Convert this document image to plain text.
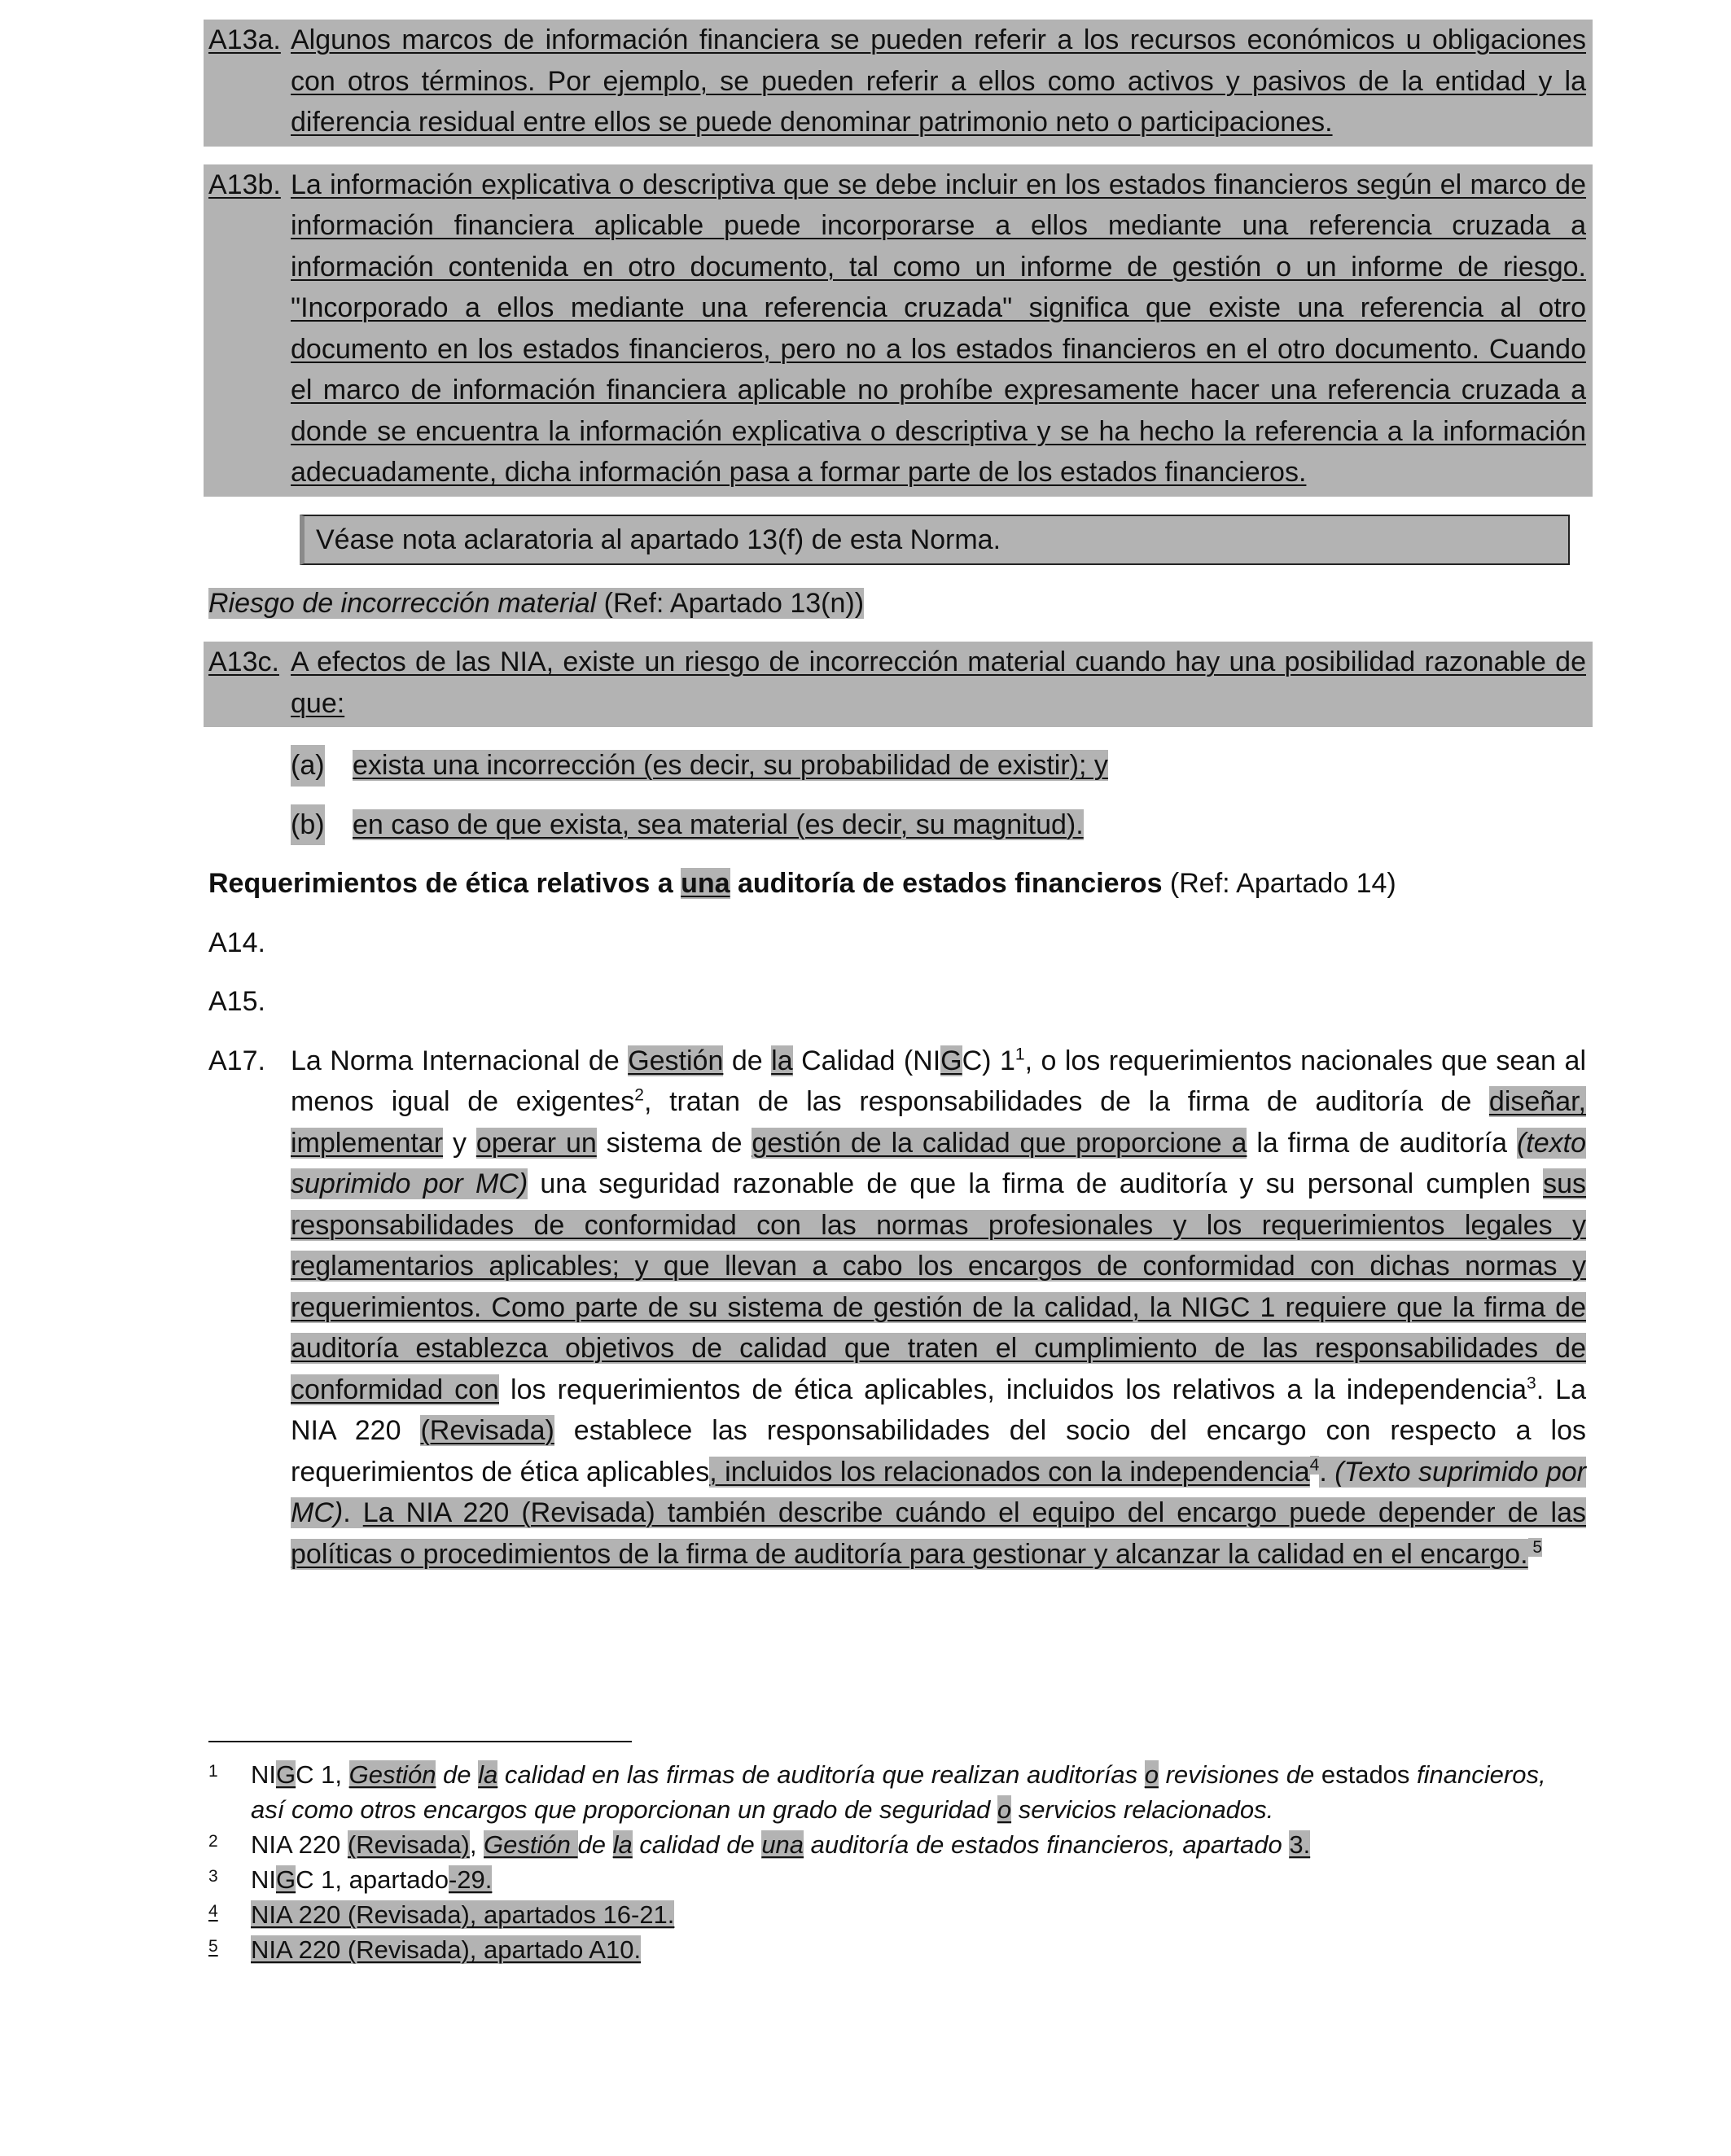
A13a. Algunos marcos de información financiera se pueden referir a los recursos económicos u obligaciones con otros términos. Por ejemplo, se pueden referir a ellos como activos y pasivos de la entidad y la diferencia residual entre ellos se puede denominar patrimonio neto o participaciones.
A13b. La información explicativa o descriptiva que se debe incluir en los estados financieros según el marco de información financiera aplicable puede incorporarse a ellos mediante una referencia cruzada a información contenida en otro documento, tal como un informe de gestión o un informe de riesgo. "Incorporado a ellos mediante una referencia cruzada" significa que existe una referencia al otro documento en los estados financieros, pero no a los estados financieros en el otro documento. Cuando el marco de información financiera aplicable no prohíbe expresamente hacer una referencia cruzada a donde se encuentra la información explicativa o descriptiva y se ha hecho la referencia a la información adecuadamente, dicha información pasa a formar parte de los estados financieros.
Véase nota aclaratoria al apartado 13(f) de esta Norma.
Riesgo de incorrección material (Ref: Apartado 13(n))
A13c. A efectos de las NIA, existe un riesgo de incorrección material cuando hay una posibilidad razonable de que:
(a) exista una incorrección (es decir, su probabilidad de existir); y
(b) en caso de que exista, sea material (es decir, su magnitud).
Requerimientos de ética relativos a una auditoría de estados financieros (Ref: Apartado 14)
A14.
A15.
A17. La Norma Internacional de Gestión de la Calidad (NIGC) $1^1$, o los requerimientos nacionales que sean al menos igual de exigentes$^2$, tratan de las responsabilidades de la firma de auditoría de diseñar, implementar y operar un sistema de gestión de la calidad que proporcione a la firma de auditoría (texto suprimido por MC) una seguridad razonable de que la firma de auditoría y su personal cumplen sus responsabilidades de conformidad con las normas profesionales y los requerimientos legales y reglamentarios aplicables; y que llevan a cabo los encargos de conformidad con dichas normas y requerimientos. Como parte de su sistema de gestión de la calidad, la NIGC 1 requiere que la firma de auditoría establezca objetivos de calidad que traten el cumplimiento de las responsabilidades de conformidad con los requerimientos de ética aplicables, incluidos los relativos a la independencia$^3$. La NIA 220 (Revisada) establece las responsabilidades del socio del encargo con respecto a los requerimientos de ética aplicables, incluidos los relacionados con la independencia$^4$. (Texto suprimido por MC). La NIA 220 (Revisada) también describe cuándo el equipo del encargo puede depender de las políticas o procedimientos de la firma de auditoría para gestionar y alcanzar la calidad en el encargo. $^5$
1 NIGC 1, Gestión de la calidad en las firmas de auditoría que realizan auditorías o revisiones de estados financieros, así como otros encargos que proporcionan un grado de seguridad o servicios relacionados.
2 NIA 220 (Revisada), Gestión de la calidad de una auditoría de estados financieros, apartado 3.
3 NIGC 1, apartado-29.
4 NIA 220 (Revisada), apartados 16-21.
5 NIA 220 (Revisada), apartado A10.
